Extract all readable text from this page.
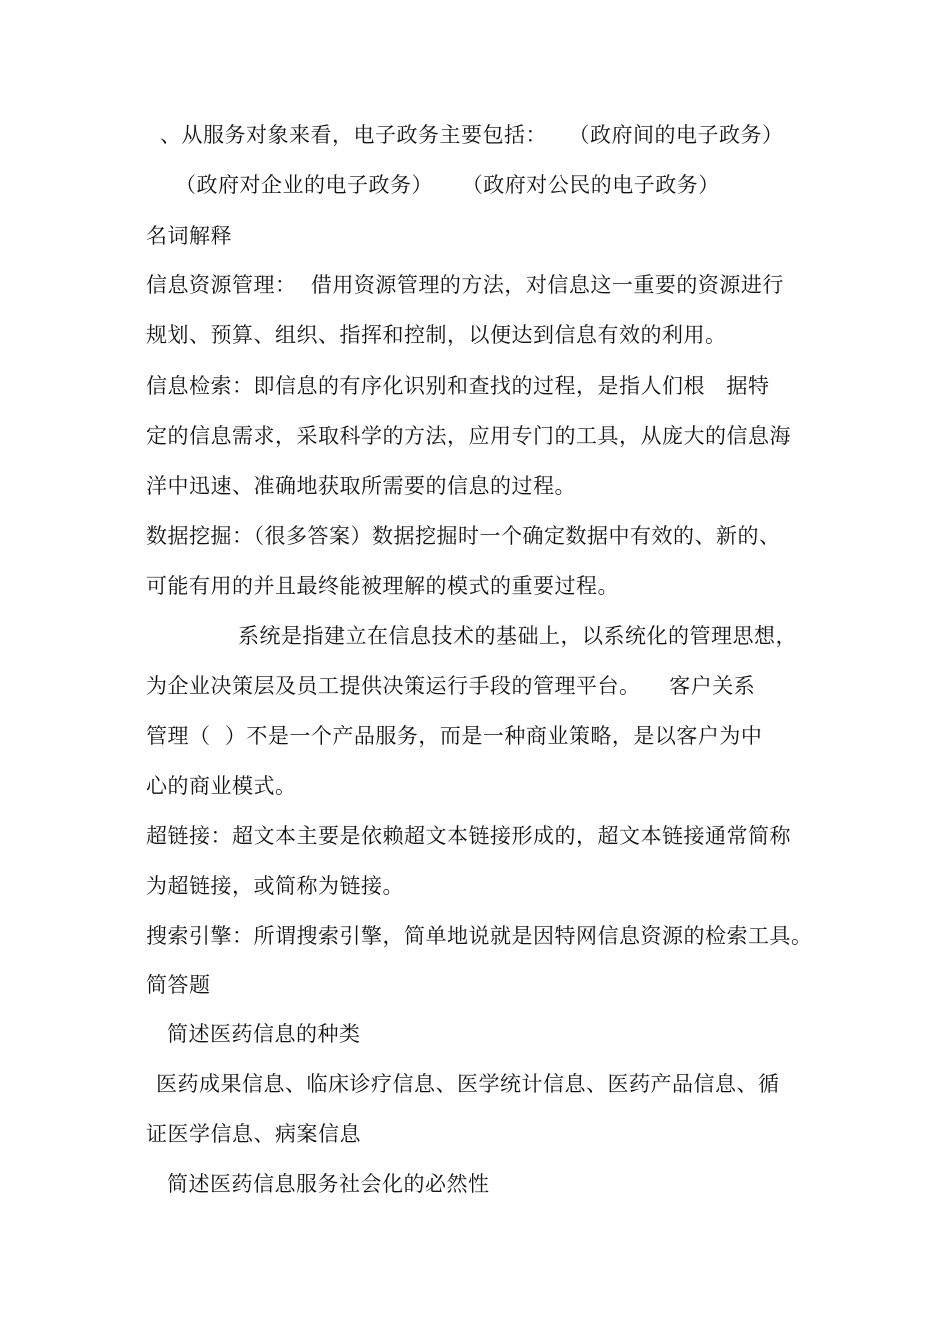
、从服务对象来看，电子政务主要包括：   （政府间的电子政务）
（政府对企业的电子政务）    （政府对公民的电子政务）
名词解释
信息资源管理：  借用资源管理的方法，对信息这一重要的资源进行
规划、预算、组织、指挥和控制，以便达到信息有效的利用。
信息检索：即信息的有序化识别和查找的过程，是指人们根   据特
定的信息需求，采取科学的方法，应用专门的工具，从庞大的信息海
洋中迅速、准确地获取所需要的信息的过程。
数据挖掘：（很多答案）数据挖掘时一个确定数据中有效的、新的、
可能有用的并且最终能被理解的模式的重要过程。
系统是指建立在信息技术的基础上，以系统化的管理思想，
为企业决策层及员工提供决策运行手段的管理平台。    客户关系
管理（  ）不是一个产品服务，而是一种商业策略，是以客户为中
心的商业模式。
超链接：超文本主要是依赖超文本链接形成的，超文本链接通常简称
为超链接，或简称为链接。
搜索引擎：所谓搜索引擎，简单地说就是因特网信息资源的检索工具。
简答题
简述医药信息的种类
医药成果信息、临床诊疗信息、医学统计信息、医药产品信息、循
证医学信息、病案信息
简述医药信息服务社会化的必然性
